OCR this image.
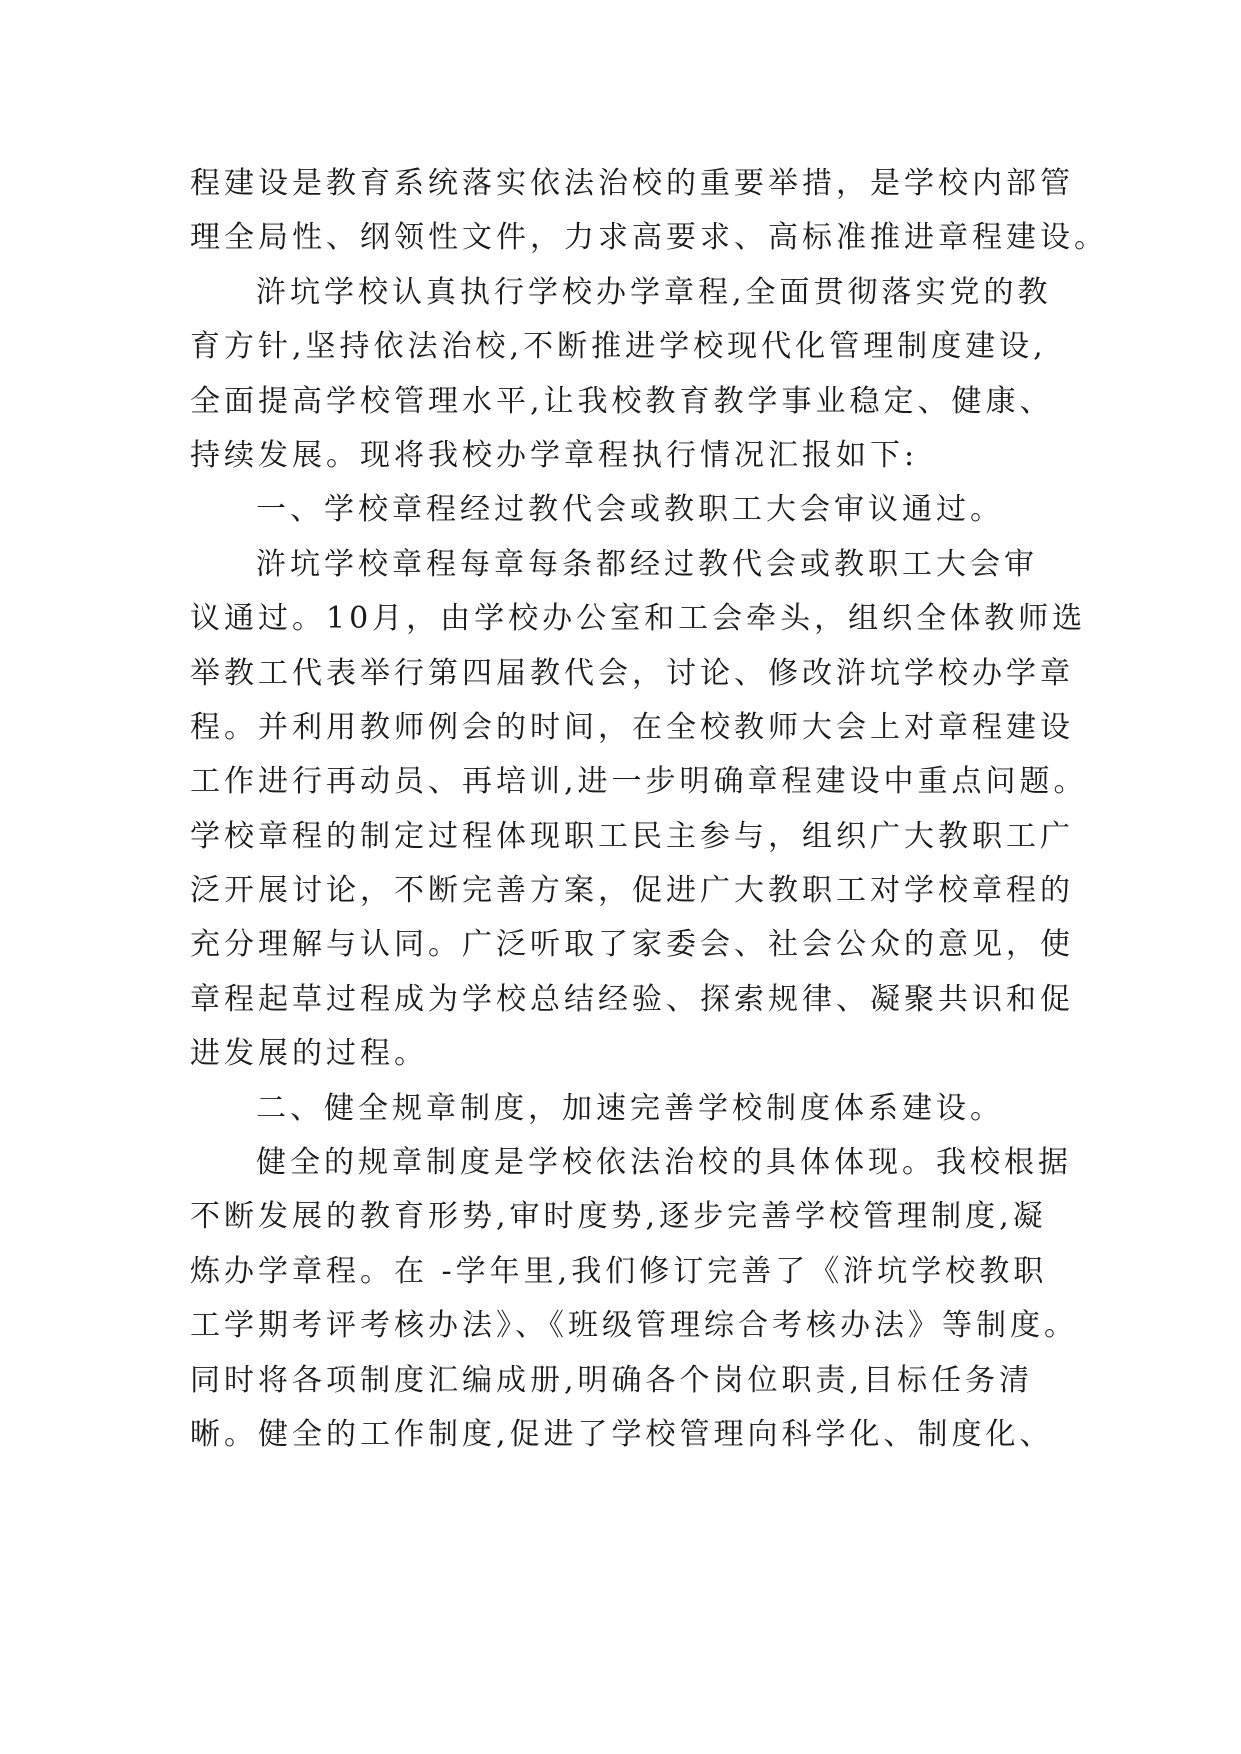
程建设是教育系统落实依法治校的重要举措，是学校内部管
理全局性、纲领性文件，力求高要求、高标准推进章程建设。
浒坑学校认真执行学校办学章程,全面贯彻落实党的教
育方针,坚持依法治校,不断推进学校现代化管理制度建设,
全面提高学校管理水平,让我校教育教学事业稳定、健康、
持续发展。现将我校办学章程执行情况汇报如下:
一、学校章程经过教代会或教职工大会审议通过。
浒坑学校章程每章每条都经过教代会或教职工大会审
议通过。10月，由学校办公室和工会牵头，组织全体教师选
举教工代表举行第四届教代会，讨论、修改浒坑学校办学章
程。并利用教师例会的时间，在全校教师大会上对章程建设
工作进行再动员、再培训,进一步明确章程建设中重点问题。
学校章程的制定过程体现职工民主参与，组织广大教职工广
泛开展讨论，不断完善方案，促进广大教职工对学校章程的
充分理解与认同。广泛听取了家委会、社会公众的意见，使
章程起草过程成为学校总结经验、探索规律、凝聚共识和促
进发展的过程。
二、健全规章制度，加速完善学校制度体系建设。
健全的规章制度是学校依法治校的具体体现。我校根据
不断发展的教育形势,审时度势,逐步完善学校管理制度,凝
炼办学章程。在 -学年里,我们修订完善了《浒坑学校教职
工学期考评考核办法》、《班级管理综合考核办法》等制度。
同时将各项制度汇编成册,明确各个岗位职责,目标任务清
晰。健全的工作制度,促进了学校管理向科学化、制度化、
